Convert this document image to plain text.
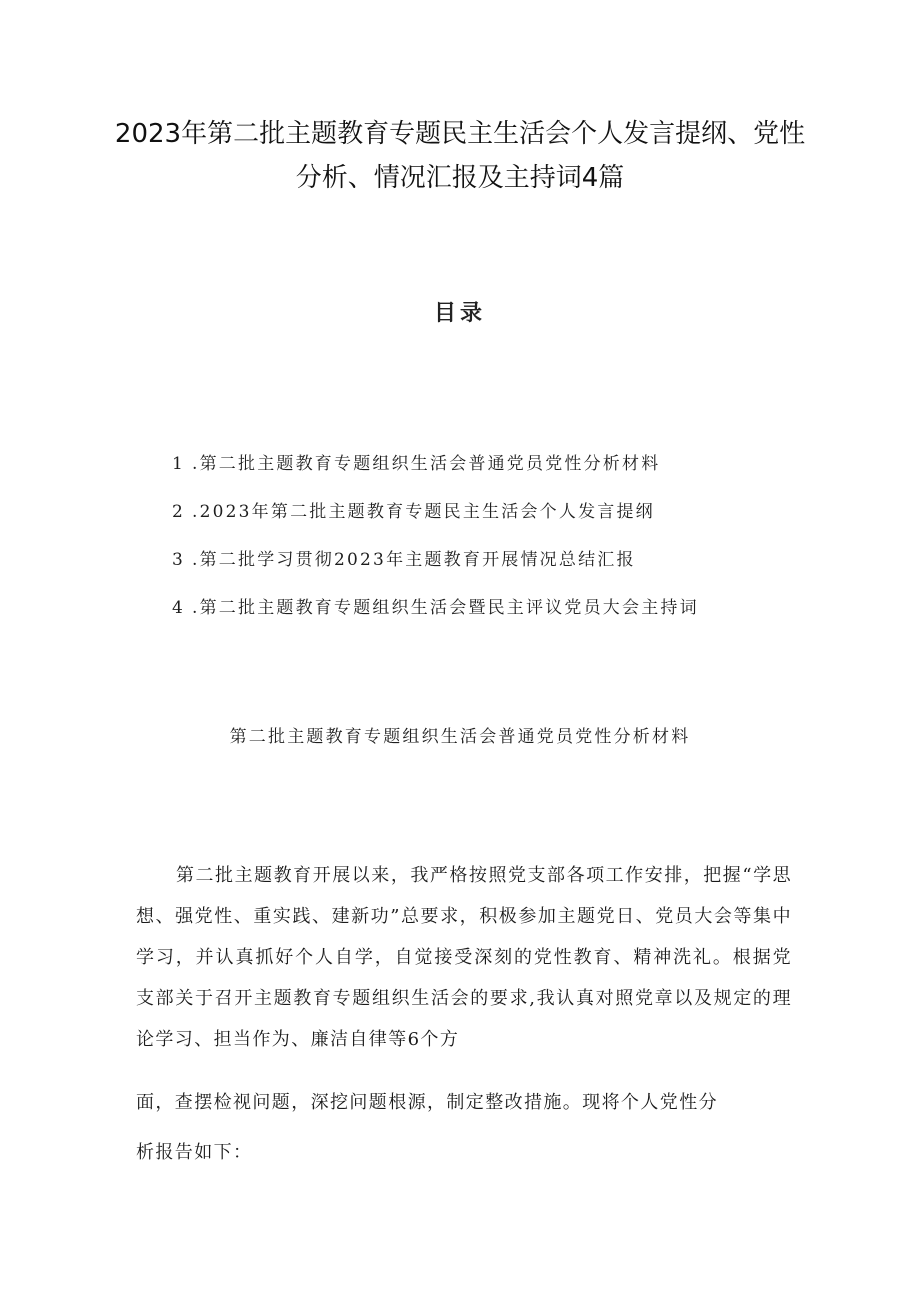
2023年第二批主题教育专题民主生活会个人发言提纲、党性分析、情况汇报及主持词4篇
目录
1 .第二批主题教育专题组织生活会普通党员党性分析材料
2 .2023年第二批主题教育专题民主生活会个人发言提纲
3 .第二批学习贯彻2023年主题教育开展情况总结汇报
4 .第二批主题教育专题组织生活会暨民主评议党员大会主持词
第二批主题教育专题组织生活会普通党员党性分析材料

第二批主题教育开展以来，我严格按照党支部各项工作安排，把握“学思想、强党性、重实践、建新功”总要求，积极参加主题党日、党员大会等集中学习，并认真抓好个人自学，自觉接受深刻的党性教育、精神洗礼。根据党支部关于召开主题教育专题组织生活会的要求,我认真对照党章以及规定的理论学习、担当作为、廉洁自律等6个方

面，查摆检视问题，深挖问题根源，制定整改措施。现将个人党性分

析报告如下：
